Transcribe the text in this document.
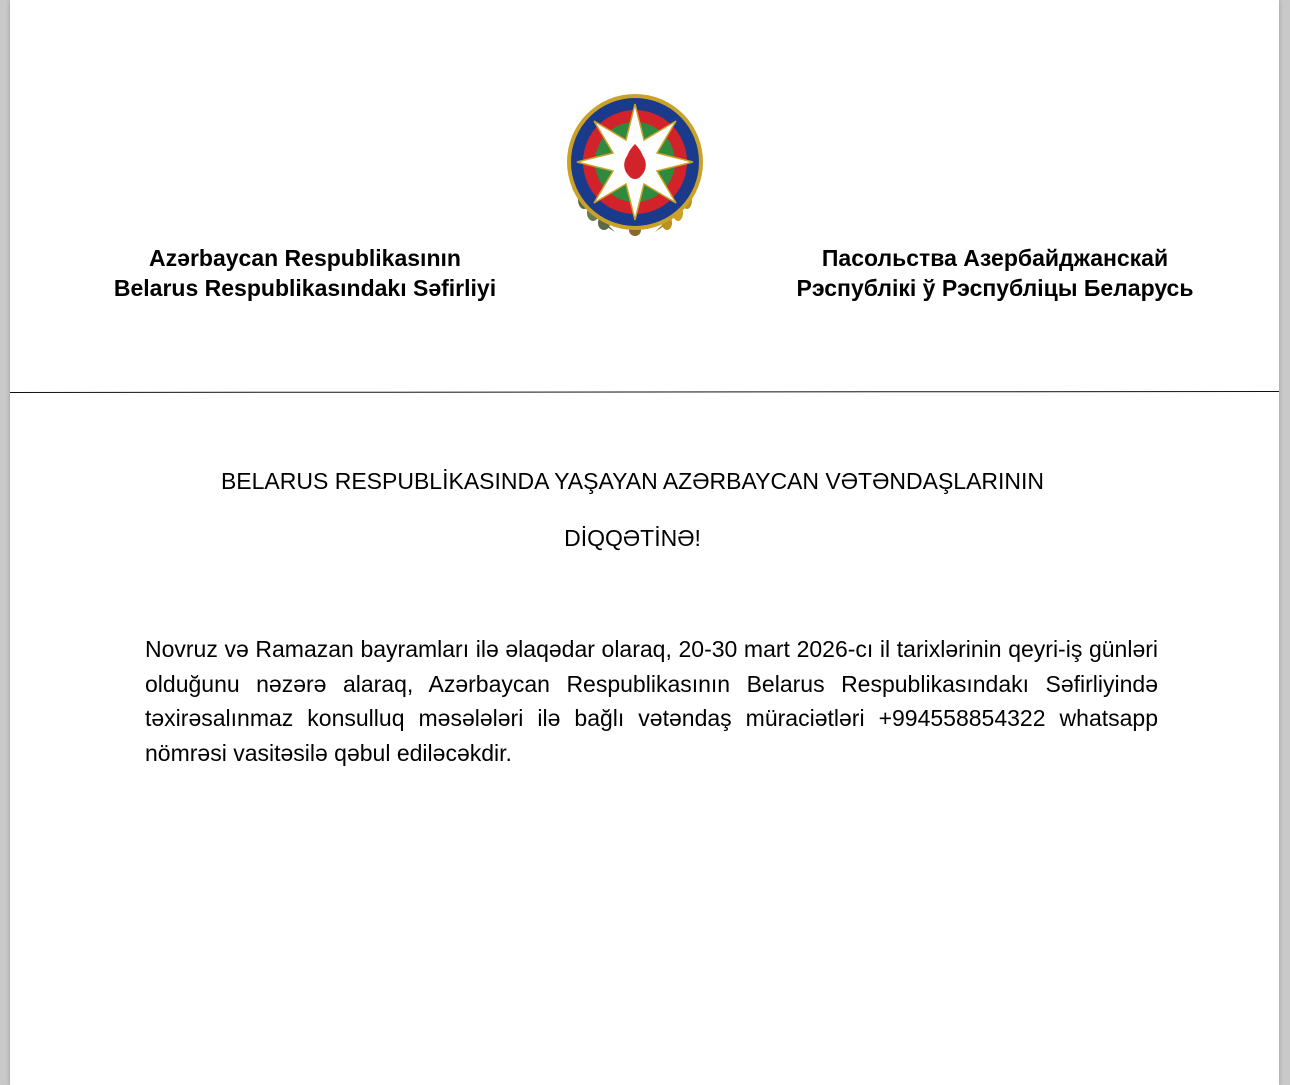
Azərbaycan Respublikasının
Belarus Respublikasındakı Səfirliyi
Пасольства Азербайджанскай
Рэспублікі ў Рэспубліцы Беларусь
BELARUS RESPUBLİKASINDA YAŞAYAN AZƏRBAYCAN VƏTƏNDAŞLARININ
DİQQƏTİNƏ!
Novruz və Ramazan bayramları ilə əlaqədar olaraq, 20-30 mart 2026-cı il tarixlərinin qeyri-iş günləri olduğunu nəzərə alaraq, Azərbaycan Respublikasının Belarus Respublikasındakı Səfirliyində təxirəsalınmaz konsulluq məsələləri ilə bağlı vətəndaş müraciətləri +994558854322 whatsapp nömrəsi vasitəsilə qəbul ediləcəkdir.
